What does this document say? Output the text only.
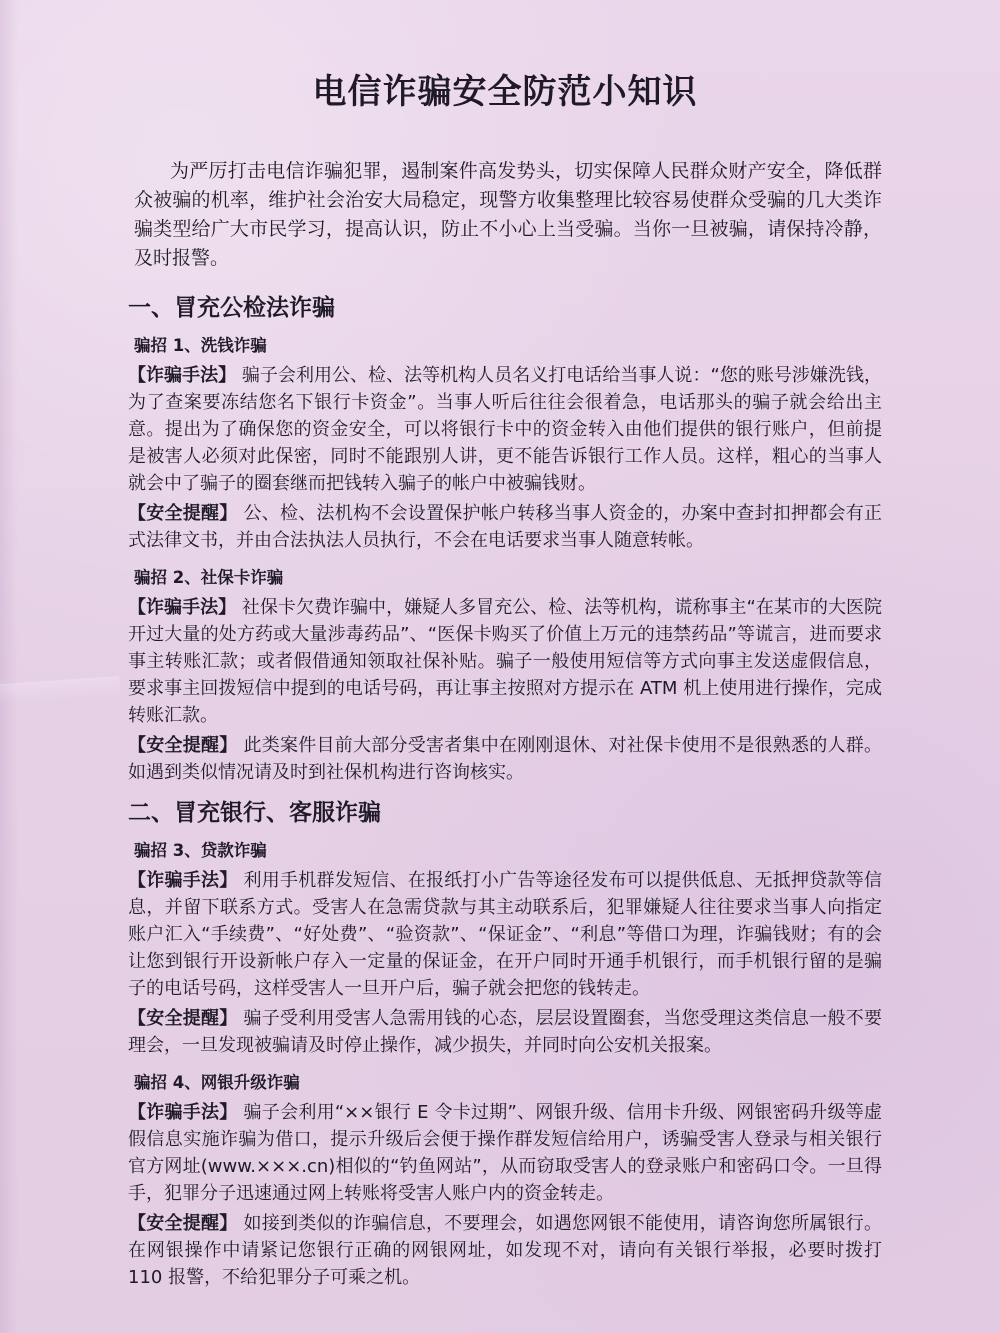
电信诈骗安全防范小知识

为严厉打击电信诈骗犯罪，遏制案件高发势头，切实保障人民群众财产安全，降低群众被骗的机率，维护社会治安大局稳定，现警方收集整理比较容易使群众受骗的几大类诈骗类型给广大市民学习，提高认识，防止不小心上当受骗。当你一旦被骗，请保持冷静，及时报警。

一、冒充公检法诈骗
骗招 1、洗钱诈骗

【诈骗手法】 骗子会利用公、检、法等机构人员名义打电话给当事人说：“您的账号涉嫌洗钱，为了查案要冻结您名下银行卡资金”。当事人听后往往会很着急，电话那头的骗子就会给出主意。提出为了确保您的资金安全，可以将银行卡中的资金转入由他们提供的银行账户，但前提是被害人必须对此保密，同时不能跟别人讲，更不能告诉银行工作人员。这样，粗心的当事人就会中了骗子的圈套继而把钱转入骗子的帐户中被骗钱财。

【安全提醒】 公、检、法机构不会设置保护帐户转移当事人资金的，办案中查封扣押都会有正式法律文书，并由合法执法人员执行，不会在电话要求当事人随意转帐。

骗招 2、社保卡诈骗

【诈骗手法】 社保卡欠费诈骗中，嫌疑人多冒充公、检、法等机构，谎称事主“在某市的大医院开过大量的处方药或大量涉毒药品”、“医保卡购买了价值上万元的违禁药品”等谎言，进而要求事主转账汇款；或者假借通知领取社保补贴。骗子一般使用短信等方式向事主发送虚假信息，要求事主回拨短信中提到的电话号码，再让事主按照对方提示在 ATM 机上使用进行操作，完成转账汇款。

【安全提醒】 此类案件目前大部分受害者集中在刚刚退休、对社保卡使用不是很熟悉的人群。如遇到类似情况请及时到社保机构进行咨询核实。

二、冒充银行、客服诈骗
骗招 3、贷款诈骗

【诈骗手法】 利用手机群发短信、在报纸打小广告等途径发布可以提供低息、无抵押贷款等信息，并留下联系方式。受害人在急需贷款与其主动联系后，犯罪嫌疑人往往要求当事人向指定账户汇入“手续费”、“好处费”、“验资款”、“保证金”、“利息”等借口为理，诈骗钱财；有的会让您到银行开设新帐户存入一定量的保证金，在开户同时开通手机银行，而手机银行留的是骗子的电话号码，这样受害人一旦开户后，骗子就会把您的钱转走。

【安全提醒】 骗子受利用受害人急需用钱的心态，层层设置圈套，当您受理这类信息一般不要理会，一旦发现被骗请及时停止操作，减少损失，并同时向公安机关报案。

骗招 4、网银升级诈骗

【诈骗手法】 骗子会利用“××银行 E 令卡过期”、网银升级、信用卡升级、网银密码升级等虚假信息实施诈骗为借口，提示升级后会便于操作群发短信给用户，诱骗受害人登录与相关银行官方网址(www.×××.cn)相似的“钓鱼网站”，从而窃取受害人的登录账户和密码口令。一旦得手，犯罪分子迅速通过网上转账将受害人账户内的资金转走。

【安全提醒】 如接到类似的诈骗信息，不要理会，如遇您网银不能使用，请咨询您所属银行。在网银操作中请紧记您银行正确的网银网址，如发现不对，请向有关银行举报，必要时拨打 110 报警，不给犯罪分子可乘之机。
